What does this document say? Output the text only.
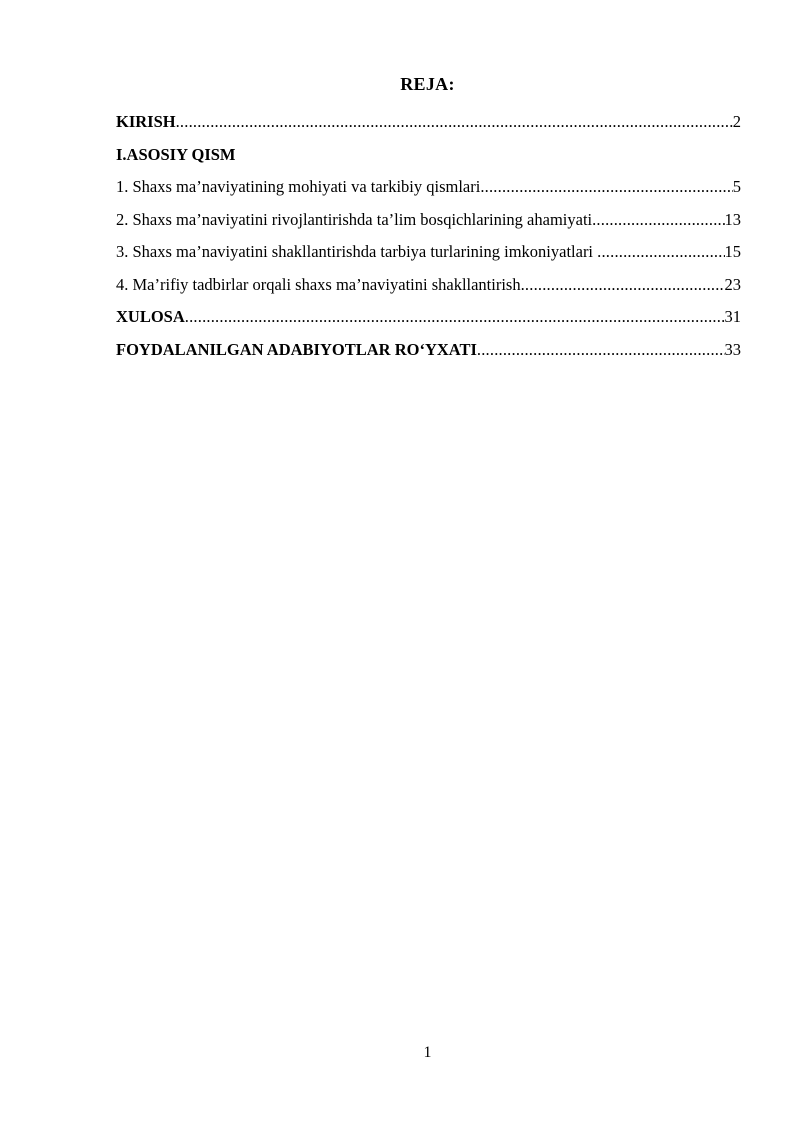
REJA:
KIRISH .....	2
I.ASOSIY QISM
1. Shaxs ma’naviyatining mohiyati va tarkibiy qismlari .....	5
2. Shaxs ma’naviyatini rivojlantirishda ta’lim bosqichlarining ahamiyati .....	13
3. Shaxs ma’naviyatini shakllantirishda tarbiya turlarining imkoniyatlari .....	15
4. Ma’rifiy tadbirlar orqali shaxs ma’naviyatini shakllantirish .....	23
XULOSA .....	31
FOYDALANILGAN ADABIYOTLAR RO‘YXATI .....	33
1
